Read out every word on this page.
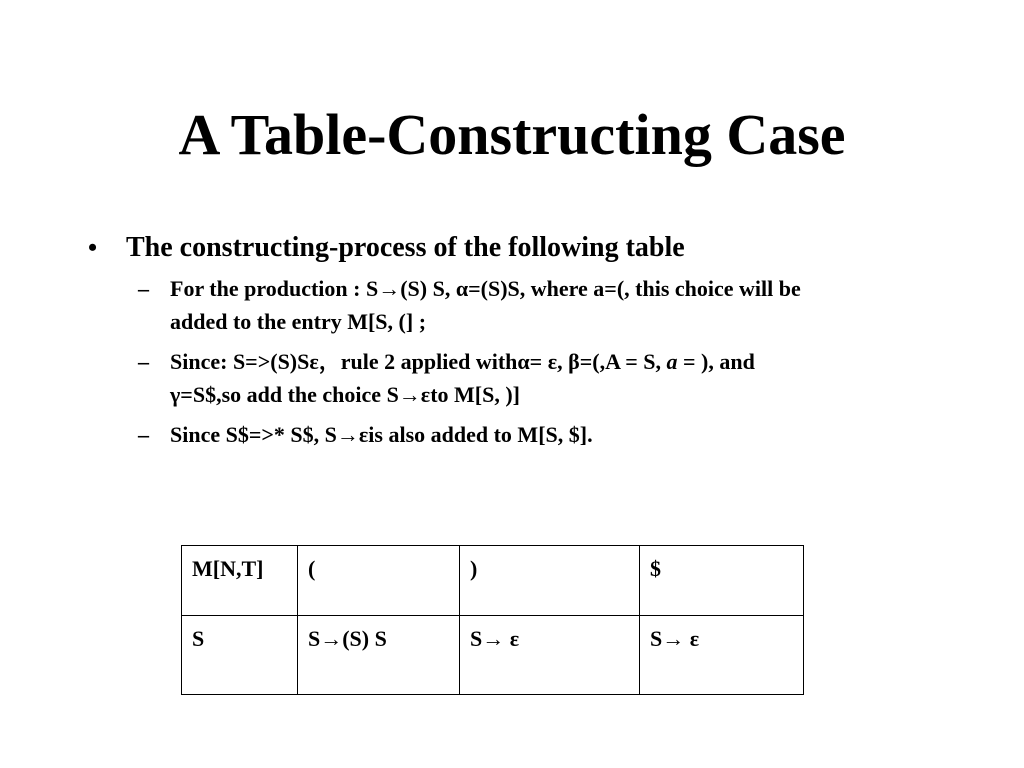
A Table-Constructing Case
•	The constructing-process of the following table
– For the production : S→(S) S, α=(S)S, where a=(, this choice will be added to the entry M[S, (] ;
– Since: S=>(S)Sε，rule 2 applied withα= ε, β=(,A = S, a = ), and γ=S$,so add the choice S→εto M[S, )]
– Since S$=>* S$, S→εis also added to M[S, $].
M[N,T]	(	)	$
S	S→(S) S	S→ ε	S→ ε
